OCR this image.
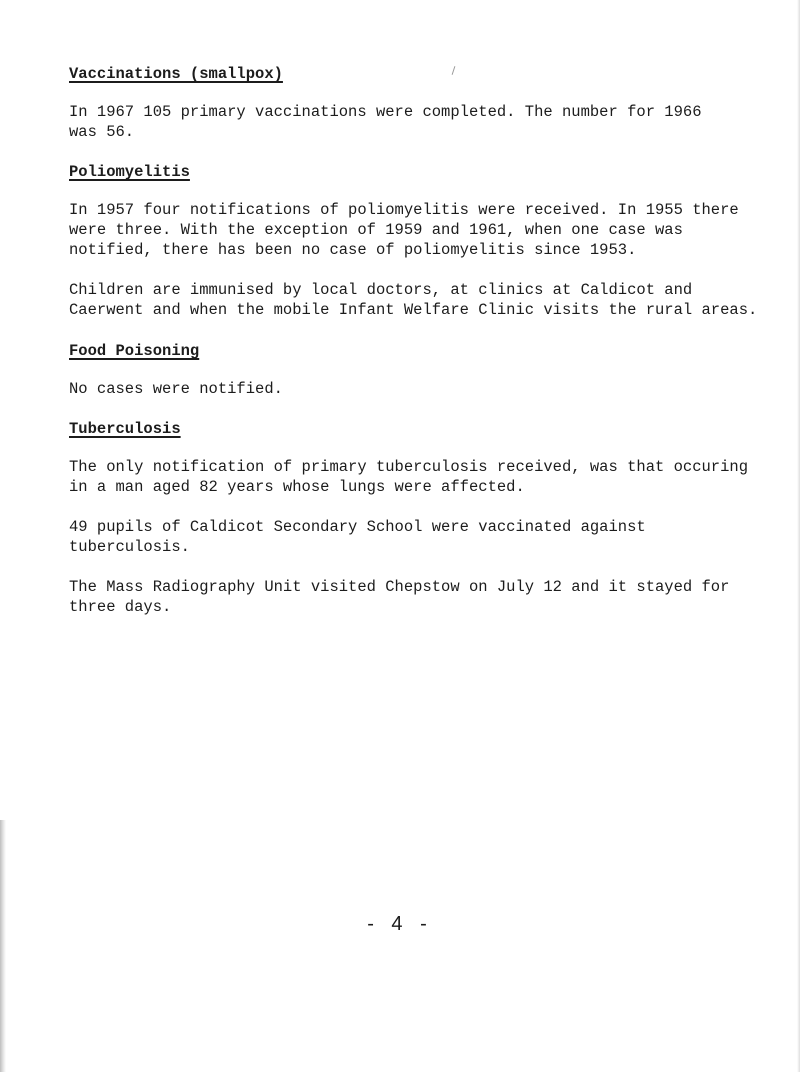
Vaccinations (smallpox)

In 1967 105 primary vaccinations were completed. The number for 1966
was 56.

Poliomyelitis

In 1957 four notifications of poliomyelitis were received. In 1955 there
were three. With the exception of 1959 and 1961, when one case was
notified, there has been no case of poliomyelitis since 1953.

Children are immunised by local doctors, at clinics at Caldicot and
Caerwent and when the mobile Infant Welfare Clinic visits the rural areas.

Food Poisoning

No cases were notified.

Tuberculosis

The only notification of primary tuberculosis received, was that occuring
in a man aged 82 years whose lungs were affected.

49 pupils of Caldicot Secondary School were vaccinated against tuberculosis.

The Mass Radiography Unit visited Chepstow on July 12 and it stayed for
three days.

- 4 -
